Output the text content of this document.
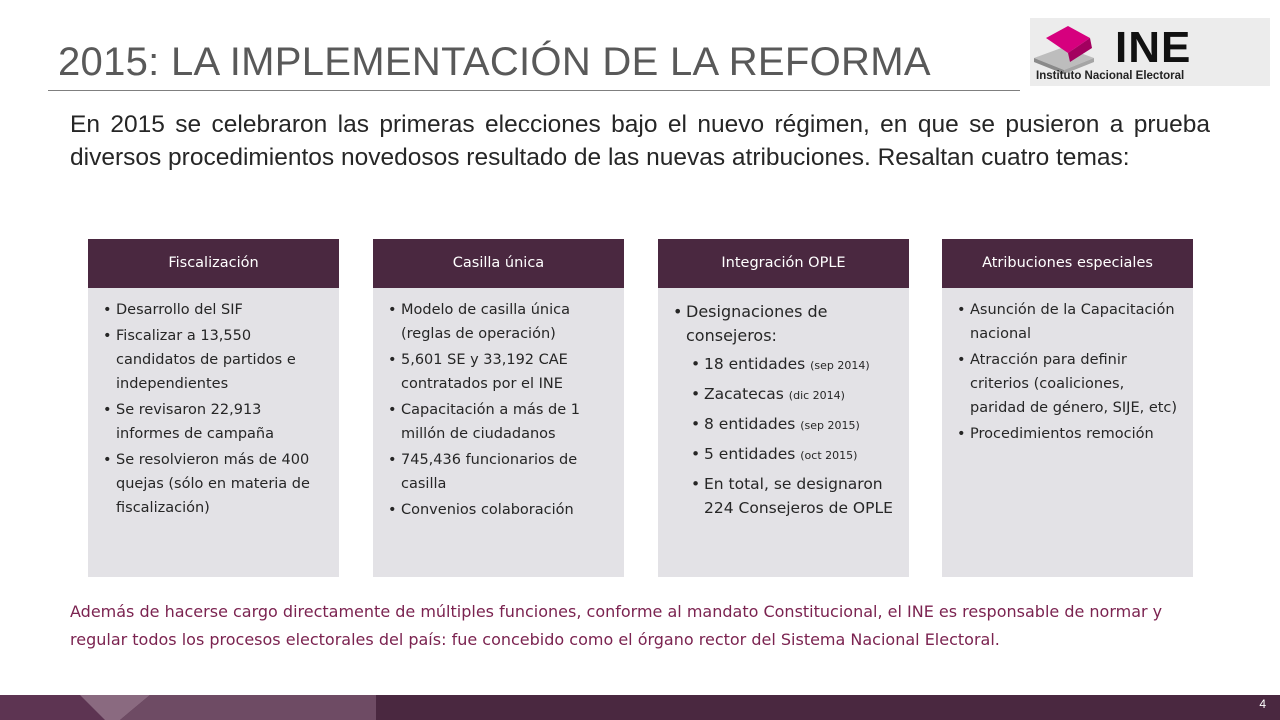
2015: LA IMPLEMENTACIÓN DE LA REFORMA	INE
Instituto Nacional Electoral
En 2015 se celebraron las primeras elecciones bajo el nuevo régimen, en que se pusieron a prueba diversos procedimientos novedosos resultado de las nuevas atribuciones. Resaltan cuatro temas:
Fiscalización
• Desarrollo del SIF
• Fiscalizar a 13,550 candidatos de partidos e independientes
• Se revisaron 22,913 informes de campaña
• Se resolvieron más de 400 quejas (sólo en materia de fiscalización)
Casilla única
• Modelo de casilla única (reglas de operación)
• 5,601 SE y 33,192 CAE contratados por el INE
• Capacitación a más de 1 millón de ciudadanos
• 745,436 funcionarios de casilla
• Convenios colaboración
Integración OPLE
• Designaciones de consejeros:
• 18 entidades (sep 2014)
• Zacatecas (dic 2014)
• 8 entidades (sep 2015)
• 5 entidades (oct 2015)
• En total, se designaron 224 Consejeros de OPLE
Atribuciones especiales
• Asunción de la Capacitación nacional
• Atracción para definir criterios (coaliciones, paridad de género, SIJE, etc)
• Procedimientos remoción
Además de hacerse cargo directamente de múltiples funciones, conforme al mandato Constitucional, el INE es responsable de normar y regular todos los procesos electorales del país: fue concebido como el órgano rector del Sistema Nacional Electoral.
4
